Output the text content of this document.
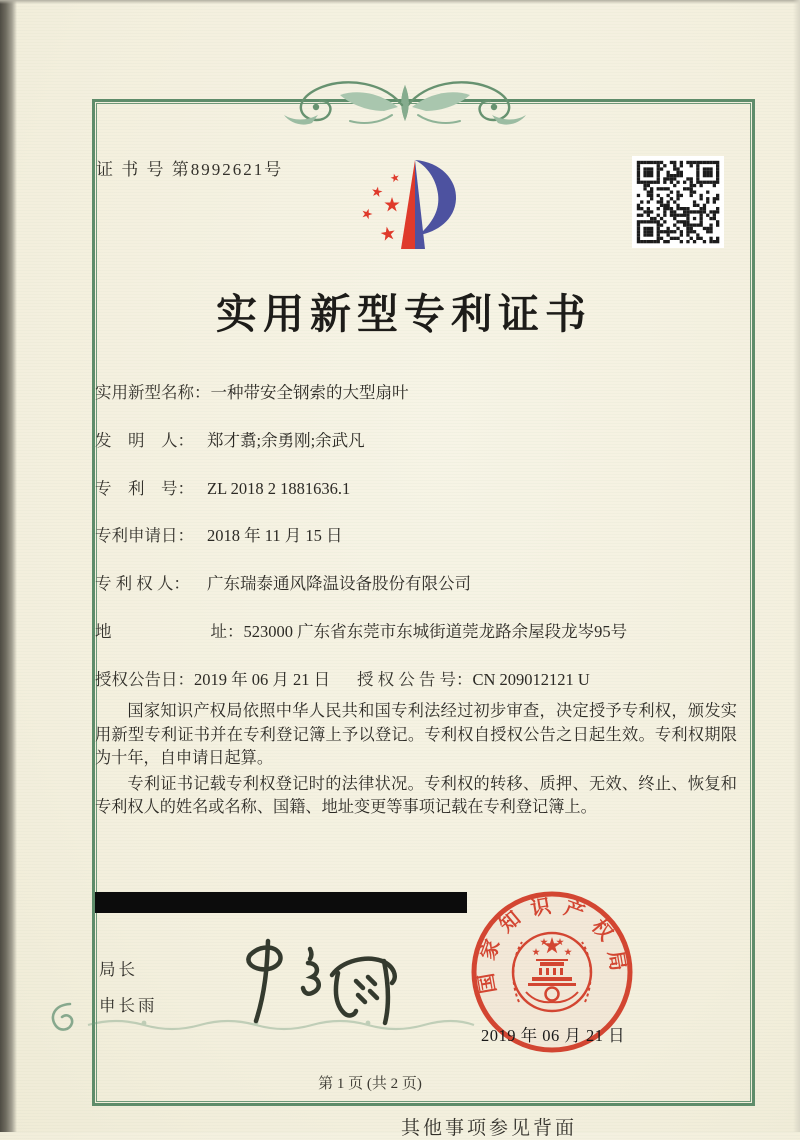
证 书 号 第8992621号
实用新型专利证书
实用新型名称：一种带安全钢索的大型扇叶
发　明　人： 郑才翥;余勇刚;余武凡
专　利　号： ZL 2018 2 1881636.1
专利申请日： 2018 年 11 月 15 日
专 利 权 人： 广东瑞泰通风降温设备股份有限公司
地　　　　　　址：523000 广东省东莞市东城街道莞龙路余屋段龙岑95号
授权公告日：2019 年 06 月 21 日 授 权 公 告 号：CN 209012121 U

国家知识产权局依照中华人民共和国专利法经过初步审查，决定授予专利权，颁发实用新型专利证书并在专利登记簿上予以登记。专利权自授权公告之日起生效。专利权期限为十年，自申请日起算。

专利证书记载专利权登记时的法律状况。专利权的转移、质押、无效、终止、恢复和专利权人的姓名或名称、国籍、地址变更等事项记载在专利登记簿上。

局长
申长雨
国
家
知 识 产
权
局
2019 年 06 月 21 日
第 1 页 (共 2 页)
其他事项参见背面
